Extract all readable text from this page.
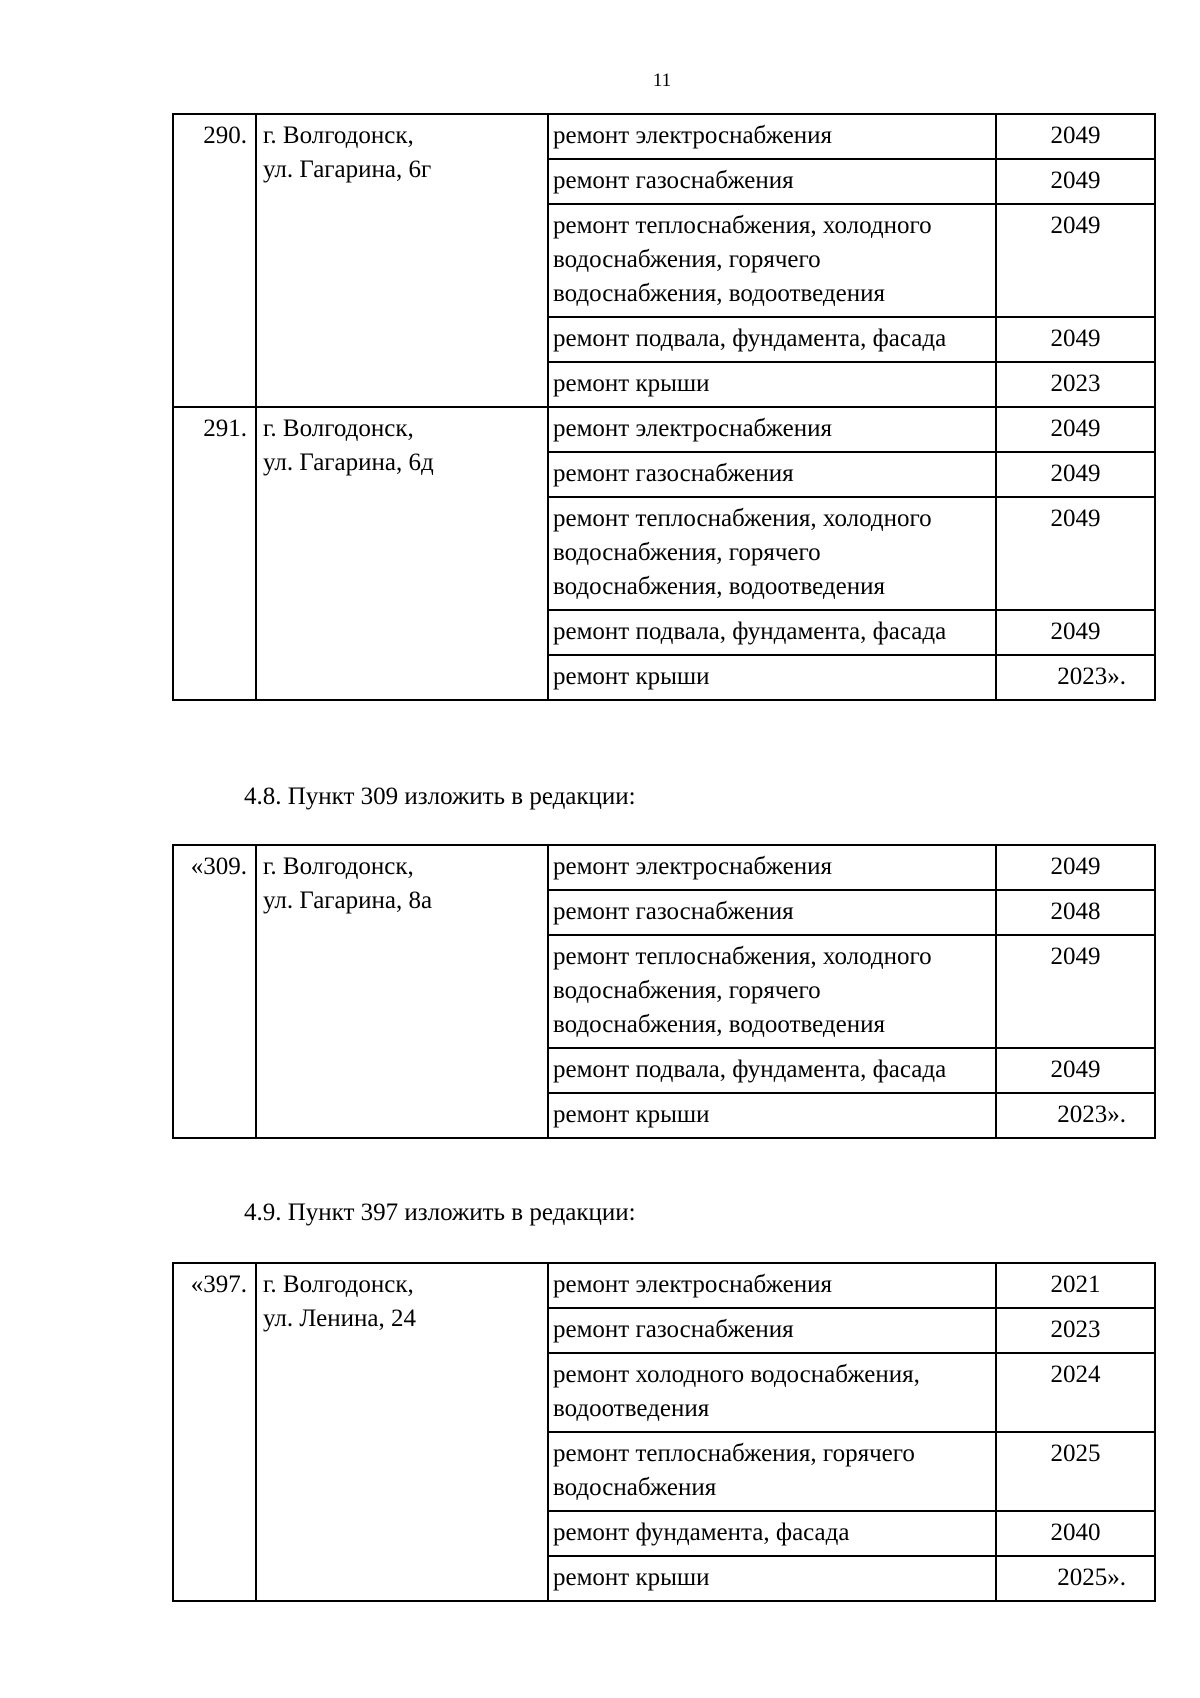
11
290.	г. Волгодонск,
ул. Гагарина, 6г	ремонт электроснабжения	2049
		ремонт газоснабжения	2049
		ремонт теплоснабжения, холодного водоснабжения, горячего водоснабжения, водоотведения	2049
		ремонт подвала, фундамента, фасада	2049
		ремонт крыши	2023
291.	г. Волгодонск,
ул. Гагарина, 6д	ремонт электроснабжения	2049
		ремонт газоснабжения	2049
		ремонт теплоснабжения, холодного водоснабжения, горячего водоснабжения, водоотведения	2049
		ремонт подвала, фундамента, фасада	2049
		ремонт крыши	2023».
4.8. Пункт 309 изложить в редакции:
«309.	г. Волгодонск,
ул. Гагарина, 8а	ремонт электроснабжения	2049
		ремонт газоснабжения	2048
		ремонт теплоснабжения, холодного водоснабжения, горячего водоснабжения, водоотведения	2049
		ремонт подвала, фундамента, фасада	2049
		ремонт крыши	2023».
4.9. Пункт 397 изложить в редакции:
«397.	г. Волгодонск,
ул. Ленина, 24	ремонт электроснабжения	2021
		ремонт газоснабжения	2023
		ремонт холодного водоснабжения, водоотведения	2024
		ремонт теплоснабжения, горячего водоснабжения	2025
		ремонт фундамента, фасада	2040
		ремонт крыши	2025».
